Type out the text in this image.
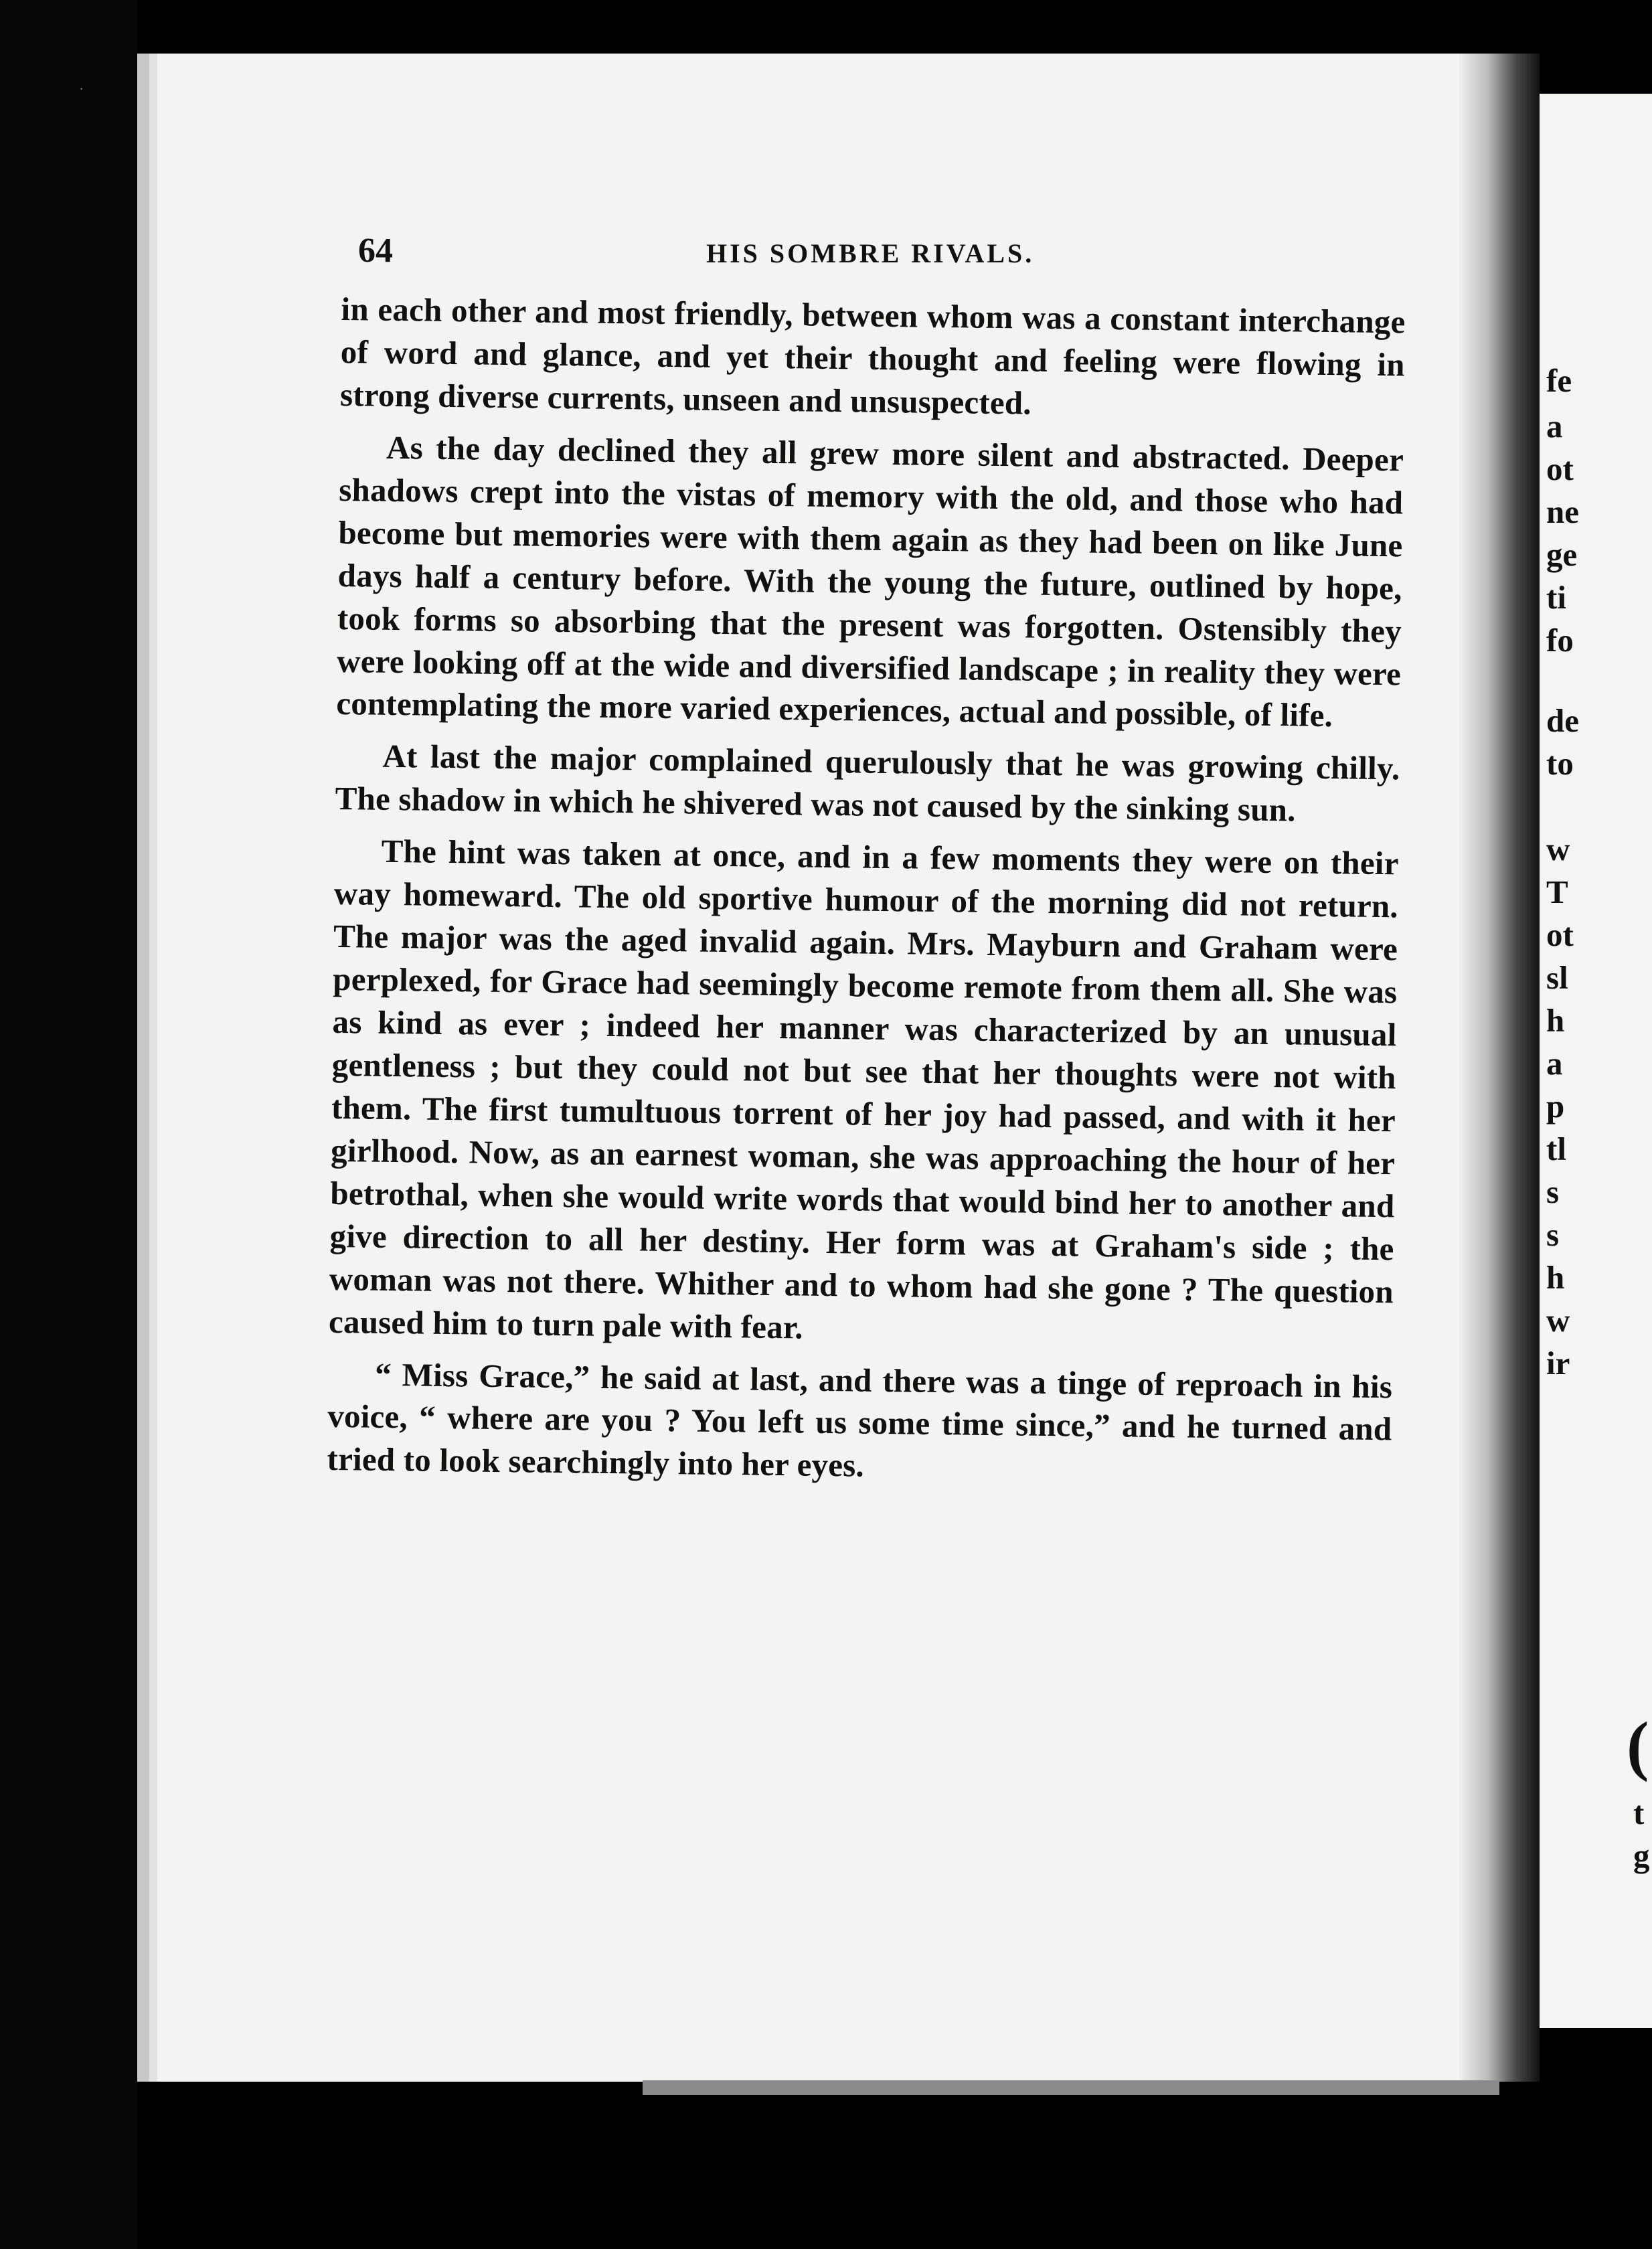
·
64	HIS SOMBRE RIVALS.

in each other and most friendly, between whom was a constant interchange of word and glance, and yet their thought and feeling were flowing in strong diverse currents, unseen and unsuspected.

As the day declined they all grew more silent and abstracted. Deeper shadows crept into the vistas of memory with the old, and those who had become but memories were with them again as they had been on like June days half a century before. With the young the future, outlined by hope, took forms so absorbing that the present was forgotten. Ostensibly they were looking off at the wide and diversified landscape ; in reality they were contemplating the more varied experiences, actual and possible, of life.

At last the major complained querulously that he was growing chilly. The shadow in which he shivered was not caused by the sinking sun.

The hint was taken at once, and in a few moments they were on their way homeward. The old sportive humour of the morning did not return. The major was the aged invalid again. Mrs. Mayburn and Graham were perplexed, for Grace had seemingly become remote from them all. She was as kind as ever ; indeed her manner was characterized by an unusual gentleness ; but they could not but see that her thoughts were not with them. The first tumultuous torrent of her joy had passed, and with it her girlhood. Now, as an earnest woman, she was approaching the hour of her betrothal, when she would write words that would bind her to another and give direction to all her destiny. Her form was at Graham's side ; the woman was not there. Whither and to whom had she gone ? The question caused him to turn pale with fear.

“ Miss Grace,” he said at last, and there was a tinge of reproach in his voice, “ where are you ? You left us some time since,” and he turned and tried to look searchingly into her eyes.

fe
a
ot
ne
ge
ti
fo
de
to
w
T
ot
sl
h
a
p
tl
s
s
h
w
ir
(
t
g
